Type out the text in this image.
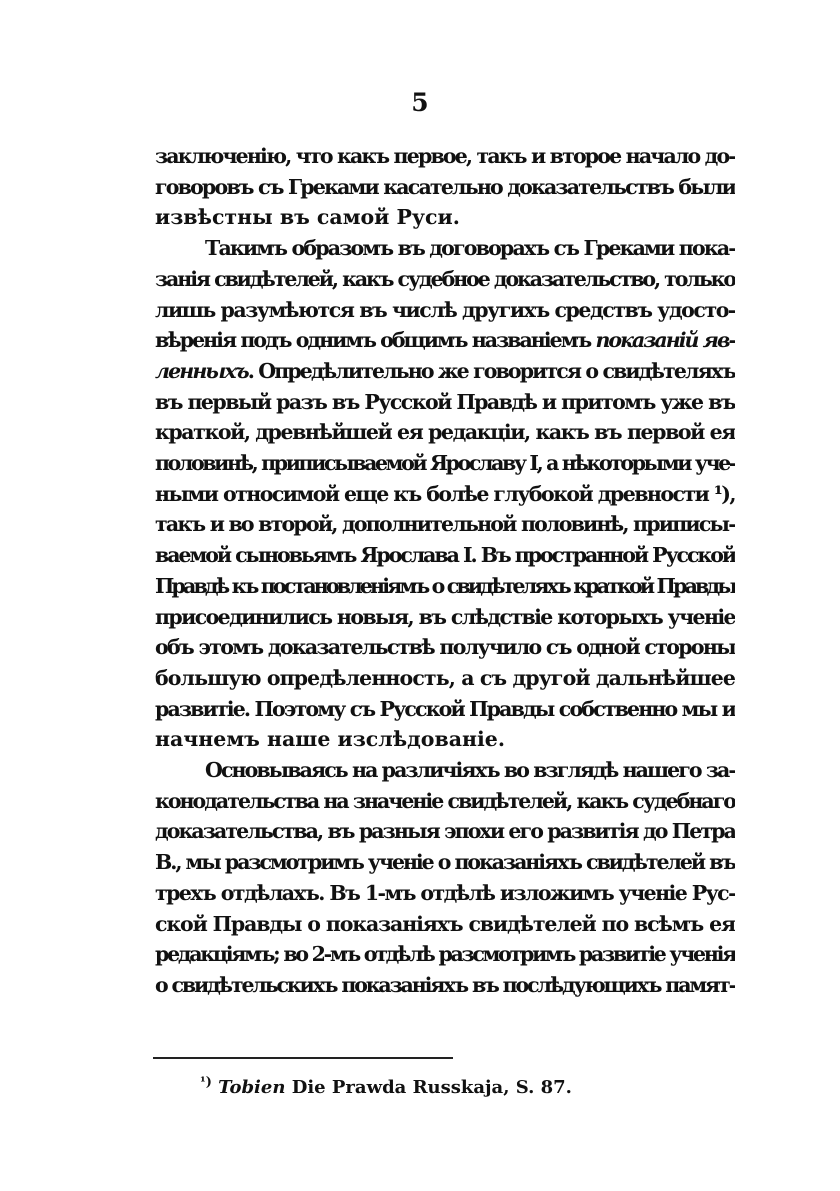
5
заключенію, что какъ первое, такъ и второе начало до-
говоровъ съ Греками касательно доказательствъ были
извѣстны въ самой Руси.
Такимъ образомъ въ договорахъ съ Греками пока-
занія свидѣтелей, какъ судебное доказательство, только
лишь разумѣются въ числѣ другихъ средствъ удосто-
вѣренія подъ однимъ общимъ названіемъ показаній яв-
ленныхъ. Опредѣлительно же говорится о свидѣтеляхъ
въ первый разъ въ Русской Правдѣ и притомъ уже въ
краткой, древнѣйшей ея редакціи, какъ въ первой ея
половинѣ, приписываемой Ярославу I, а нѣкоторыми уче-
ными относимой еще къ болѣе глубокой древности ¹),
такъ и во второй, дополнительной половинѣ, приписы-
ваемой сыновьямъ Ярослава I. Въ пространной Русской
Правдѣ къ постановленіямъ о свидѣтеляхъ краткой Правды
присоединились новыя, въ слѣдствіе которыхъ ученіе
объ этомъ доказательствѣ получило съ одной стороны
большую опредѣленность, а съ другой дальнѣйшее
развитіе. Поэтому съ Русской Правды собственно мы и
начнемъ наше изслѣдованіе.
Основываясь на различіяхъ во взглядѣ нашего за-
конодательства на значеніе свидѣтелей, какъ судебнаго
доказательства, въ разныя эпохи его развитія до Петра
В., мы разсмотримъ ученіе о показаніяхъ свидѣтелей въ
трехъ отдѣлахъ. Въ 1-мъ отдѣлѣ изложимъ ученіе Рус-
ской Правды о показаніяхъ свидѣтелей по всѣмъ ея
редакціямъ; во 2-мъ отдѣлѣ разсмотримъ развитіе ученія
о свидѣтельскихъ показаніяхъ въ послѣдующихъ памят-
$^{^1)}$ Tobien Die Prawda Russkaja, S. 87.
